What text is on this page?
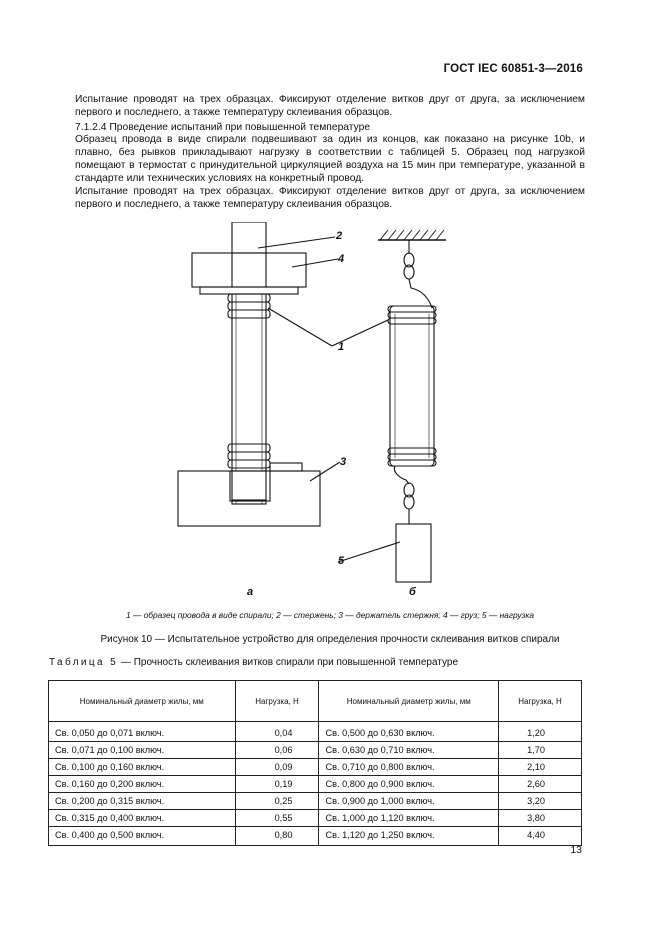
ГОСТ IEC 60851-3—2016

Испытание проводят на трех образцах. Фиксируют отделение витков друг от друга, за исключением первого и последнего, а также температуру склеивания образцов.

7.1.2.4 Проведение испытаний при повышенной температуре

Образец провода в виде спирали подвешивают за один из концов, как показано на рисунке 10b, и плавно, без рывков прикладывают нагрузку в соответствии с таблицей 5. Образец под нагрузкой помещают в термостат с принудительной циркуляцией воздуха на 15 мин при температуре, указанной в стандарте или технических условиях на конкретный провод.

Испытание проводят на трех образцах. Фиксируют отделение витков друг от друга, за исключением первого и последнего, а также температуру склеивания образцов.

2
4
1
3
5
а	б
1 — образец провода в виде спирали; 2 — стержень; 3 — держатель стержня; 4 — груз; 5 — нагрузка
Рисунок 10 — Испытательное устройство для определения прочности склеивания витков спирали
Таблица 5 — Прочность склеивания витков спирали при повышенной температуре
Номинальный диаметр жилы, мм	Нагрузка, Н	Номинальный диаметр жилы, мм	Нагрузка, Н
Св. 0,050 до 0,071 включ.	0,04	Св. 0,500 до 0,630 включ.	1,20
Св. 0,071 до 0,100 включ.	0,06	Св. 0,630 до 0,710 включ.	1,70
Св. 0,100 до 0,160 включ.	0,09	Св. 0,710 до 0,800 включ.	2,10
Св. 0,160 до 0,200 включ.	0,19	Св. 0,800 до 0,900 включ.	2,60
Св. 0,200 до 0,315 включ.	0,25	Св. 0,900 до 1,000 включ.	3,20
Св. 0,315 до 0,400 включ.	0,55	Св. 1,000 до 1,120 включ.	3,80
Св. 0,400 до 0,500 включ.	0,80	Св. 1,120 до 1,250 включ.	4,40
13
